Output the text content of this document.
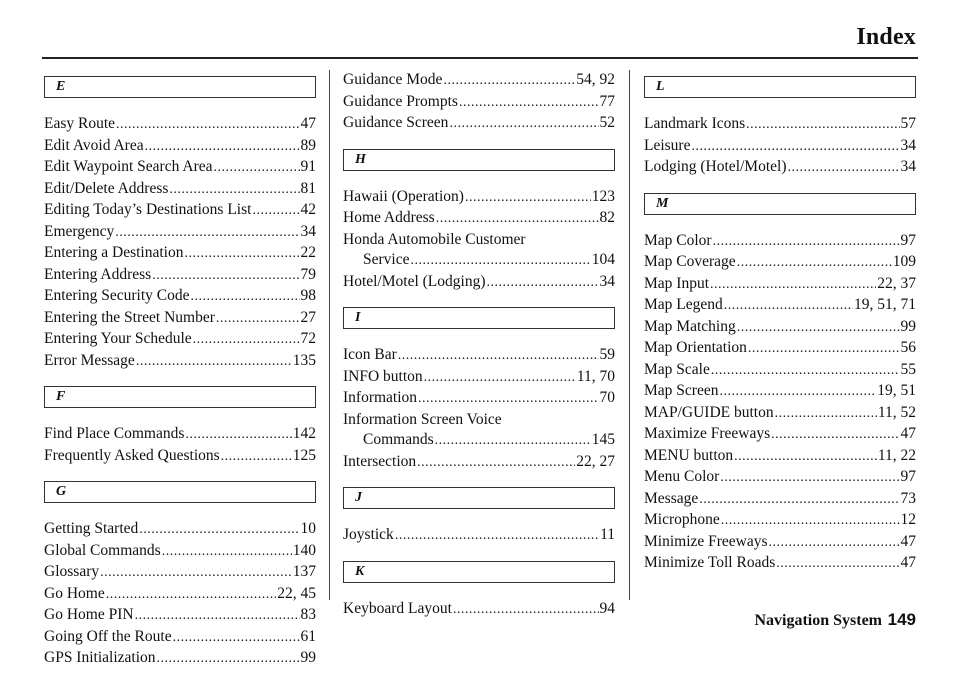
Index
E
Easy Route .....	47
Edit Avoid Area .....	89
Edit Waypoint Search Area .....	91
Edit/Delete Address .....	81
Editing Today’s Destinations List .....	42
Emergency .....	34
Entering a Destination .....	22
Entering Address .....	79
Entering Security Code .....	98
Entering the Street Number .....	27
Entering Your Schedule .....	72
Error Message .....	135
F
Find Place Commands .....	142
Frequently Asked Questions .....	125
G
Getting Started .....	10
Global Commands .....	140
Glossary .....	137
Go Home .....	22, 45
Go Home PIN .....	83
Going Off the Route .....	61
GPS Initialization .....	99
Guidance Mode .....	54, 92
Guidance Prompts .....	77
Guidance Screen .....	52
H
Hawaii (Operation) .....	123
Home Address .....	82
Honda Automobile Customer
Service .....	104
Hotel/Motel (Lodging) .....	34
I
Icon Bar .....	59
INFO button .....	11, 70
Information .....	70
Information Screen Voice
Commands .....	145
Intersection .....	22, 27
J
Joystick .....	11
K
Keyboard Layout .....	94
L
Landmark Icons .....	57
Leisure .....	34
Lodging (Hotel/Motel) .....	34
M
Map Color .....	97
Map Coverage .....	109
Map Input .....	22, 37
Map Legend .....	19, 51, 71
Map Matching .....	99
Map Orientation .....	56
Map Scale .....	55
Map Screen .....	19, 51
MAP/GUIDE button .....	11, 52
Maximize Freeways .....	47
MENU button .....	11, 22
Menu Color .....	97
Message .....	73
Microphone .....	12
Minimize Freeways .....	47
Minimize Toll Roads .....	47
Navigation System 149
